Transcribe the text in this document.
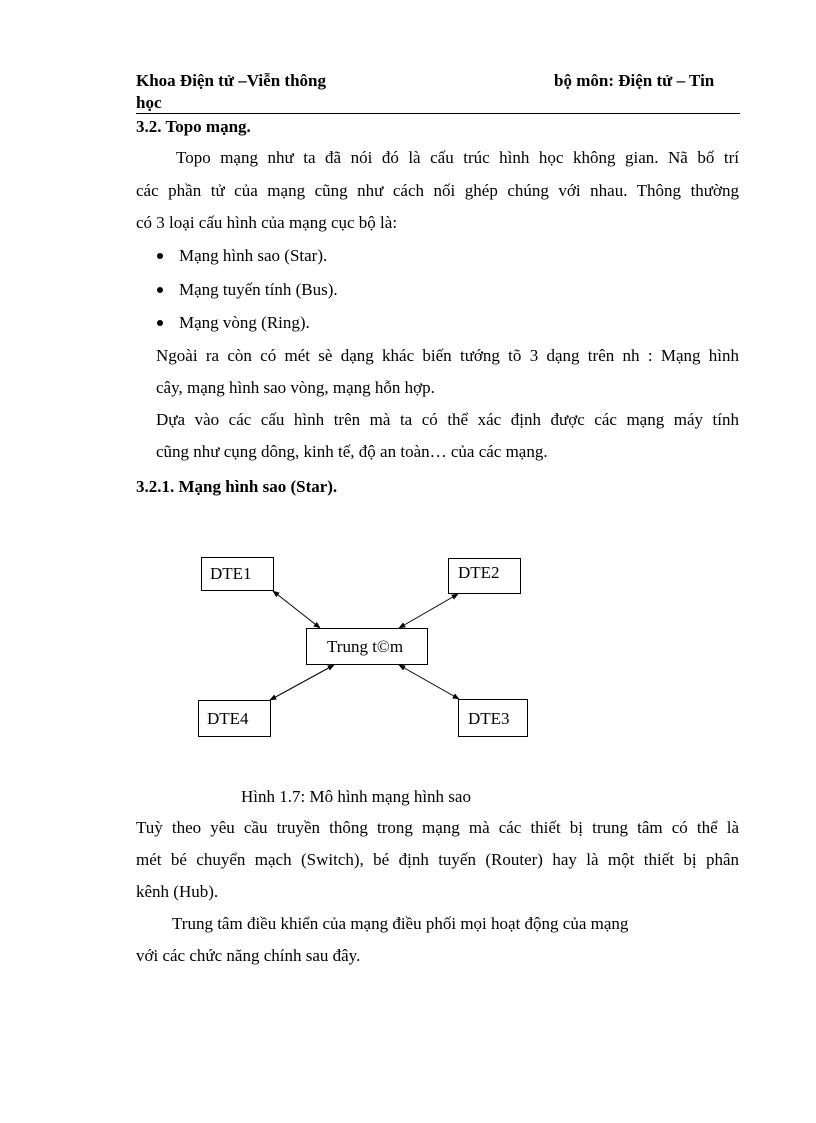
Khoa Điện tử –Viễn thông
học
bộ môn: Điện tử – Tin
3.2. Topo mạng.
Topo mạng như ta đã nói đó là cấu trúc hình học không gian. Nã bố trí
các phần tử của mạng cũng như cách nối ghép chúng với nhau. Thông thường
có 3 loại cấu hình của mạng cục bộ là:
Mạng hình sao (Star).
Mạng tuyến tính (Bus).
Mạng vòng (Ring).
Ngoài ra còn có mét sè dạng khác biến tướng tõ 3 dạng trên nh : Mạng hình
cây, mạng hình sao vòng, mạng hỗn hợp.
Dựa vào các cấu hình trên mà ta có thể xác định được các mạng máy tính
cũng như cụng dông, kinh tế, độ an toàn… của các mạng.
3.2.1. Mạng hình sao (Star).
DTE1	DTE2
Trung t©m
DTE4	DTE3
Hình 1.7: Mô hình mạng hình sao
Tuỳ theo yêu cầu truyền thông trong mạng mà các thiết bị trung tâm có thể là
mét bé chuyển mạch (Switch), bé định tuyến (Router) hay là một thiết bị phân
kênh (Hub).
Trung tâm điều khiển của mạng điều phối mọi hoạt động của mạng
với các chức năng chính sau đây.
